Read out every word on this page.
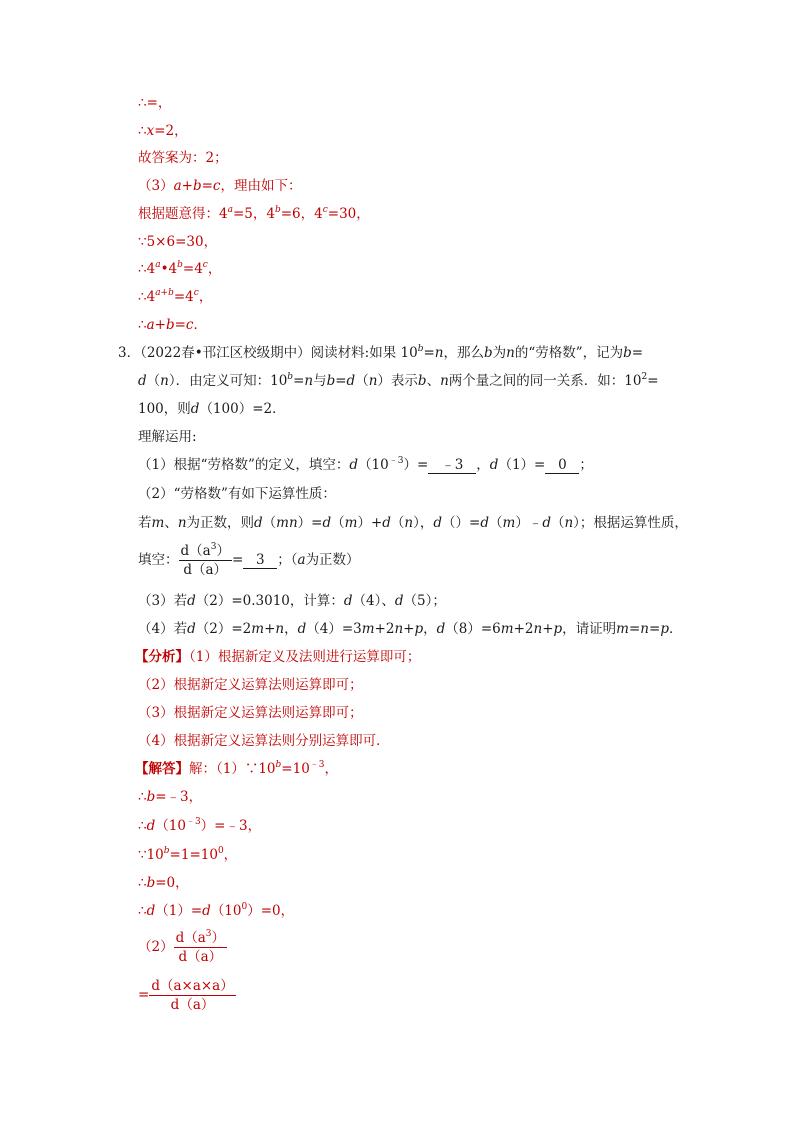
∴=，
∴x=2，
故答案为：2；
（3）a+b=c，理由如下：
根据题意得：$4^a=5$，$4^b=6$，$4^c=30$，
∵5×6=30，
$\therefore 4^a•4^b=4^c$，
$\therefore 4^{a+b}=4^c$，
∴a+b=c．
3．（2022春•邗江区校级期中）阅读材料:如果 $10^b=n$，那么b为n的“劳格数”，记为b=
d（n）．由定义可知：$10^b=n$与b=d（n）表示b、n两个量之间的同一关系．如：$10^2=$
100，则d（100）=2．
理解运用:
（1）根据“劳格数”的定义，填空：$d(10^{﹣3})=$ ﹣3 ，d（1）= 0 ；
（2）“劳格数”有如下运算性质：
若m、n为正数，则d（mn）=d（m）+d（n），d（）=d（m）﹣d（n）；根据运算性质，
填空： $\frac{d(a^3)}{d(a)} = 3$ ；（a为正数）
（3）若d（2）=0.3010，计算：d（4）、d（5）；
（4）若d（2）=2m+n，d（4）=3m+2n+p，d（8）=6m+2n+p，请证明m=n=p．
【分析】（1）根据新定义及法则进行运算即可；
（2）根据新定义运算法则运算即可；
（3）根据新定义运算法则运算即可；
（4）根据新定义运算法则分别运算即可．
【解答】解：$(1)\because 10^b=10^{﹣3}$，
∴b=﹣3，
$\therefore d(10^{﹣3})=﹣3$，
$\because 10^b=1=10^0$，
∴b=0，
$\therefore d(1)=d(10^0)=0$，
$(2) \frac{d(a^3)}{d(a)}$
= $\frac{d(a\times a\times a)}{d(a)}$
